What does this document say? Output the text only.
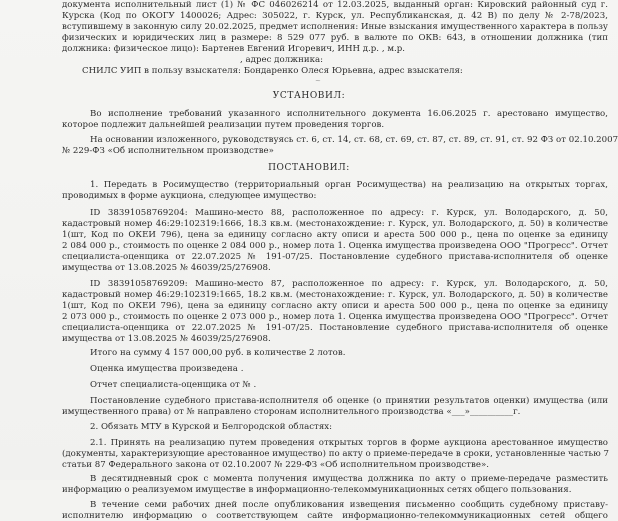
документа исполнительный лист (1) № ФС 046026214 от 12.03.2025, выданный орган: Кировский районный суд г.
Курска (Код по ОКОГУ 1400026; Адрес: 305022, г. Курск, ул. Республиканская, д. 42 В) по делу № 2-78/2023,
вступившему в законную силу 20.02.2025, предмет исполнения: Иные взыскания имущественного характера в пользу
физических и юридических лиц в размере: 8 529 077 руб. в валюте по ОКВ: 643, в отношении должника (тип
должника: физическое лицо): Бартенев Евгений Игоревич, ИНН д.р. , м.р.
, адрес должника:
СНИЛС УИП в пользу взыскателя: Бондаренко Олеся Юрьевна, адрес взыскателя:
~
УСТАНОВИЛ:
Во исполнение требований указанного исполнительного документа 16.06.2025 г. арестовано имущество,
которое подлежит дальнейшей реализации путем проведения торгов.
На основании изложенного, руководствуясь ст. 6, ст. 14, ст. 68, ст. 69, ст. 87, ст. 89, ст. 91, ст. 92 ФЗ от 02.10.2007
№ 229-ФЗ «Об исполнительном производстве»
ПОСТАНОВИЛ:
1. Передать в Росимущество (территориальный орган Росимущества) на реализацию на открытых торгах,
проводимых в форме аукциона, следующее имущество:
ID 38391058769204: Машино-место 88, расположенное по адресу: г. Курск, ул. Володарского, д. 50,
кадастровый номер 46:29:102319:1666, 18.3 кв.м. (местонахождение: г. Курск, ул. Володарского, д. 50) в количестве
1(шт, Код по ОКЕИ 796), цена за единицу согласно акту описи и ареста 500 000 р., цена по оценке за единицу
2 084 000 р., стоимость по оценке 2 084 000 р., номер лота 1. Оценка имущества произведена ООО "Прогресс". Отчет
специалиста-оценщика от 22.07.2025 № 191-07/25. Постановление судебного пристава-исполнителя об оценке
имущества от 13.08.2025 № 46039/25/276908.
ID 38391058769209: Машино-место 87, расположенное по адресу: г. Курск, ул. Володарского, д. 50,
кадастровый номер 46:29:102319:1665, 18.2 кв.м. (местонахождение: г. Курск, ул. Володарского, д. 50) в количестве
1(шт, Код по ОКЕИ 796), цена за единицу согласно акту описи и ареста 500 000 р., цена по оценке за единицу
2 073 000 р., стоимость по оценке 2 073 000 р., номер лота 1. Оценка имущества произведена ООО "Прогресс". Отчет
специалиста-оценщика от 22.07.2025 № 191-07/25. Постановление судебного пристава-исполнителя об оценке
имущества от 13.08.2025 № 46039/25/276908.
Итого на сумму 4 157 000,00 руб. в количестве 2 лотов.
Оценка имущества произведена .
Отчет специалиста-оценщика от № .
Постановление судебного пристава-исполнителя об оценке (о принятии результатов оценки) имущества (или
имущественного права) от № направлено сторонам исполнительного производства «___»__________г.
2. Обязать МТУ в Курской и Белгородской областях:
2.1. Принять на реализацию путем проведения открытых торгов в форме аукциона арестованное имущество
(документы, характеризующие арестованное имущество) по акту о приеме-передаче в сроки, установленные частью 7
статьи 87 Федерального закона от 02.10.2007 № 229-ФЗ «Об исполнительном производстве».
В десятидневный срок с момента получения имущества должника по акту о приеме-передаче разместить
информацию о реализуемом имуществе в информационно-телекоммуникационных сетях общего пользования.
В течение семи рабочих дней после опубликования извещения письменно сообщить судебному приставу-
исполнителю информацию о соответствующем сайте информационно-телекоммуникационных сетей общего
